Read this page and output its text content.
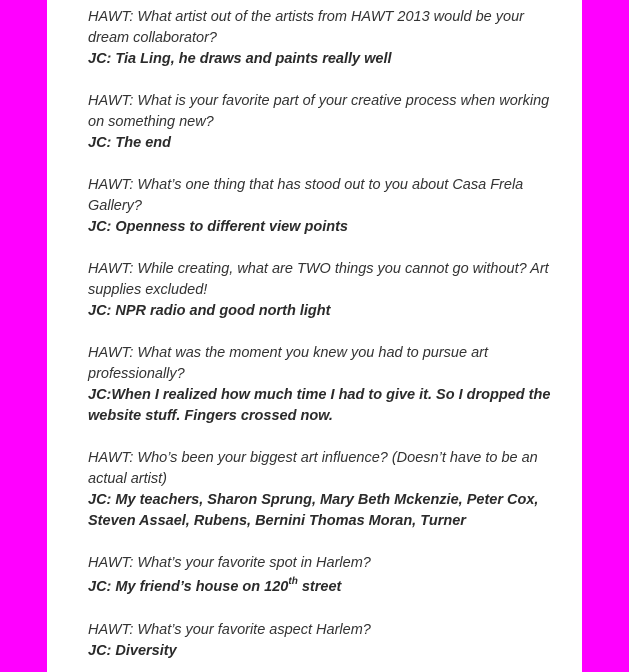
HAWT: What artist out of the artists from HAWT 2013 would be your dream collaborator?

JC: Tia Ling, he draws and paints really well

HAWT: What is your favorite part of your creative process when working on something new?

JC: The end

HAWT: What’s one thing that has stood out to you about Casa Frela Gallery?

JC: Openness to different view points

HAWT: While creating, what are TWO things you cannot go without? Art supplies excluded!

JC: NPR radio and good north light

HAWT: What was the moment you knew you had to pursue art professionally?

JC:When I realized how much time I had to give it. So I dropped the website stuff. Fingers crossed now.

HAWT: Who’s been your biggest art influence? (Doesn’t have to be an actual artist)

JC: My teachers, Sharon Sprung, Mary Beth Mckenzie, Peter Cox, Steven Assael, Rubens, Bernini Thomas Moran, Turner

HAWT: What’s your favorite spot in Harlem?

JC: My friend’s house on 120th street

HAWT: What’s your favorite aspect Harlem?

JC: Diversity
